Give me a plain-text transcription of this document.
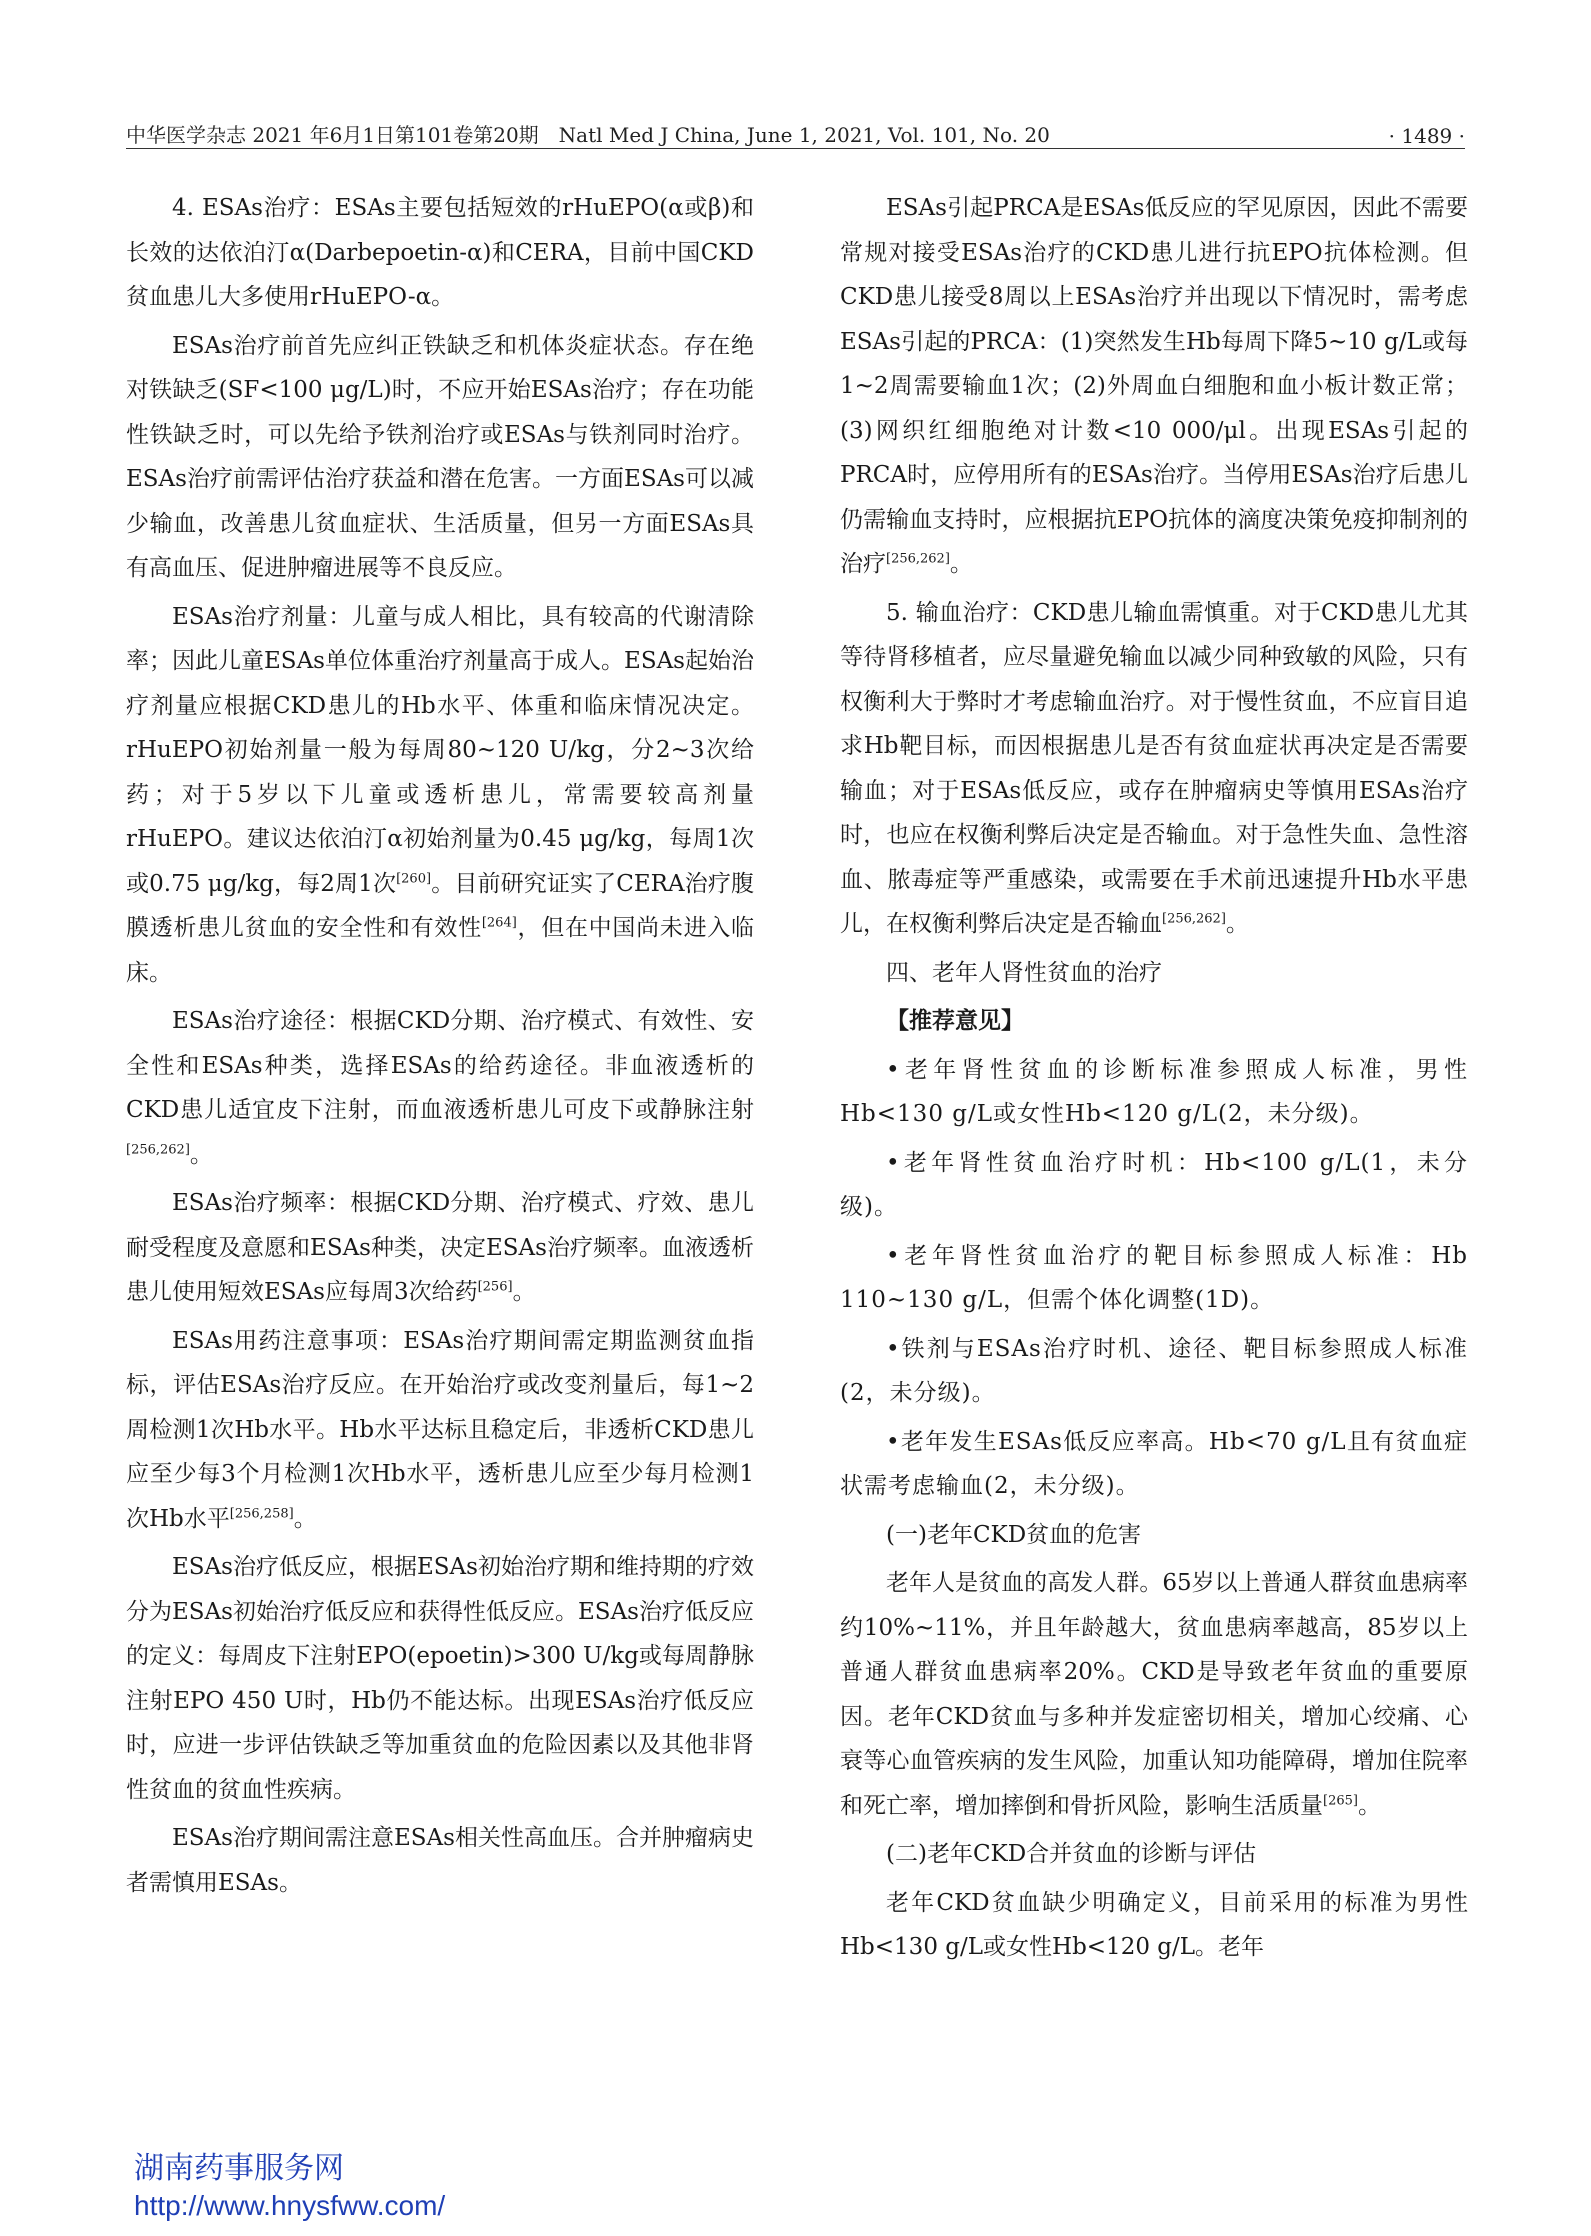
中华医学杂志 2021 年6月1日第101卷第20期　Natl Med J China, June 1, 2021, Vol. 101, No. 20	· 1489 ·

4. ESAs治疗：ESAs主要包括短效的rHuEPO(α或β)和长效的达依泊汀α(Darbepoetin-α)和CERA，目前中国CKD贫血患儿大多使用rHuEPO-α。

ESAs治疗前首先应纠正铁缺乏和机体炎症状态。存在绝对铁缺乏(SF<100 μg/L)时，不应开始ESAs治疗；存在功能性铁缺乏时，可以先给予铁剂治疗或ESAs与铁剂同时治疗。ESAs治疗前需评估治疗获益和潜在危害。一方面ESAs可以减少输血，改善患儿贫血症状、生活质量，但另一方面ESAs具有高血压、促进肿瘤进展等不良反应。

ESAs治疗剂量：儿童与成人相比，具有较高的代谢清除率；因此儿童ESAs单位体重治疗剂量高于成人。ESAs起始治疗剂量应根据CKD患儿的Hb水平、体重和临床情况决定。rHuEPO初始剂量一般为每周80~120 U/kg，分2~3次给药；对于5岁以下儿童或透析患儿，常需要较高剂量rHuEPO。建议达依泊汀α初始剂量为0.45 μg/kg，每周1次或0.75 μg/kg，每2周1次[260]。目前研究证实了CERA治疗腹膜透析患儿贫血的安全性和有效性[264]，但在中国尚未进入临床。

ESAs治疗途径：根据CKD分期、治疗模式、有效性、安全性和ESAs种类，选择ESAs的给药途径。非血液透析的CKD患儿适宜皮下注射，而血液透析患儿可皮下或静脉注射[256,262]。

ESAs治疗频率：根据CKD分期、治疗模式、疗效、患儿耐受程度及意愿和ESAs种类，决定ESAs治疗频率。血液透析患儿使用短效ESAs应每周3次给药[256]。

ESAs用药注意事项：ESAs治疗期间需定期监测贫血指标，评估ESAs治疗反应。在开始治疗或改变剂量后，每1~2周检测1次Hb水平。Hb水平达标且稳定后，非透析CKD患儿应至少每3个月检测1次Hb水平，透析患儿应至少每月检测1次Hb水平[256,258]。

ESAs治疗低反应，根据ESAs初始治疗期和维持期的疗效分为ESAs初始治疗低反应和获得性低反应。ESAs治疗低反应的定义：每周皮下注射EPO(epoetin)>300 U/kg或每周静脉注射EPO 450 U时，Hb仍不能达标。出现ESAs治疗低反应时，应进一步评估铁缺乏等加重贫血的危险因素以及其他非肾性贫血的贫血性疾病。

ESAs治疗期间需注意ESAs相关性高血压。合并肿瘤病史者需慎用ESAs。

ESAs引起PRCA是ESAs低反应的罕见原因，因此不需要常规对接受ESAs治疗的CKD患儿进行抗EPO抗体检测。但CKD患儿接受8周以上ESAs治疗并出现以下情况时，需考虑ESAs引起的PRCA：(1)突然发生Hb每周下降5~10 g/L或每1~2周需要输血1次；(2)外周血白细胞和血小板计数正常；(3)网织红细胞绝对计数<10 000/μl。出现ESAs引起的PRCA时，应停用所有的ESAs治疗。当停用ESAs治疗后患儿仍需输血支持时，应根据抗EPO抗体的滴度决策免疫抑制剂的治疗[256,262]。

5. 输血治疗：CKD患儿输血需慎重。对于CKD患儿尤其等待肾移植者，应尽量避免输血以减少同种致敏的风险，只有权衡利大于弊时才考虑输血治疗。对于慢性贫血，不应盲目追求Hb靶目标，而因根据患儿是否有贫血症状再决定是否需要输血；对于ESAs低反应，或存在肿瘤病史等慎用ESAs治疗时，也应在权衡利弊后决定是否输血。对于急性失血、急性溶血、脓毒症等严重感染，或需要在手术前迅速提升Hb水平患儿，在权衡利弊后决定是否输血[256,262]。

四、老年人肾性贫血的治疗

【推荐意见】

•老年肾性贫血的诊断标准参照成人标准，男性Hb<130 g/L或女性Hb<120 g/L(2，未分级)。

•老年肾性贫血治疗时机：Hb<100 g/L(1，未分级)。

•老年肾性贫血治疗的靶目标参照成人标准：Hb 110~130 g/L，但需个体化调整(1D)。

•铁剂与ESAs治疗时机、途径、靶目标参照成人标准(2，未分级)。

•老年发生ESAs低反应率高。Hb<70 g/L且有贫血症状需考虑输血(2，未分级)。

(一)老年CKD贫血的危害

老年人是贫血的高发人群。65岁以上普通人群贫血患病率约10%~11%，并且年龄越大，贫血患病率越高，85岁以上普通人群贫血患病率20%。CKD是导致老年贫血的重要原因。老年CKD贫血与多种并发症密切相关，增加心绞痛、心衰等心血管疾病的发生风险，加重认知功能障碍，增加住院率和死亡率，增加摔倒和骨折风险，影响生活质量[265]。

(二)老年CKD合并贫血的诊断与评估

老年CKD贫血缺少明确定义，目前采用的标准为男性Hb<130 g/L或女性Hb<120 g/L。老年

湖南药事服务网
http://www.hnysfww.com/
